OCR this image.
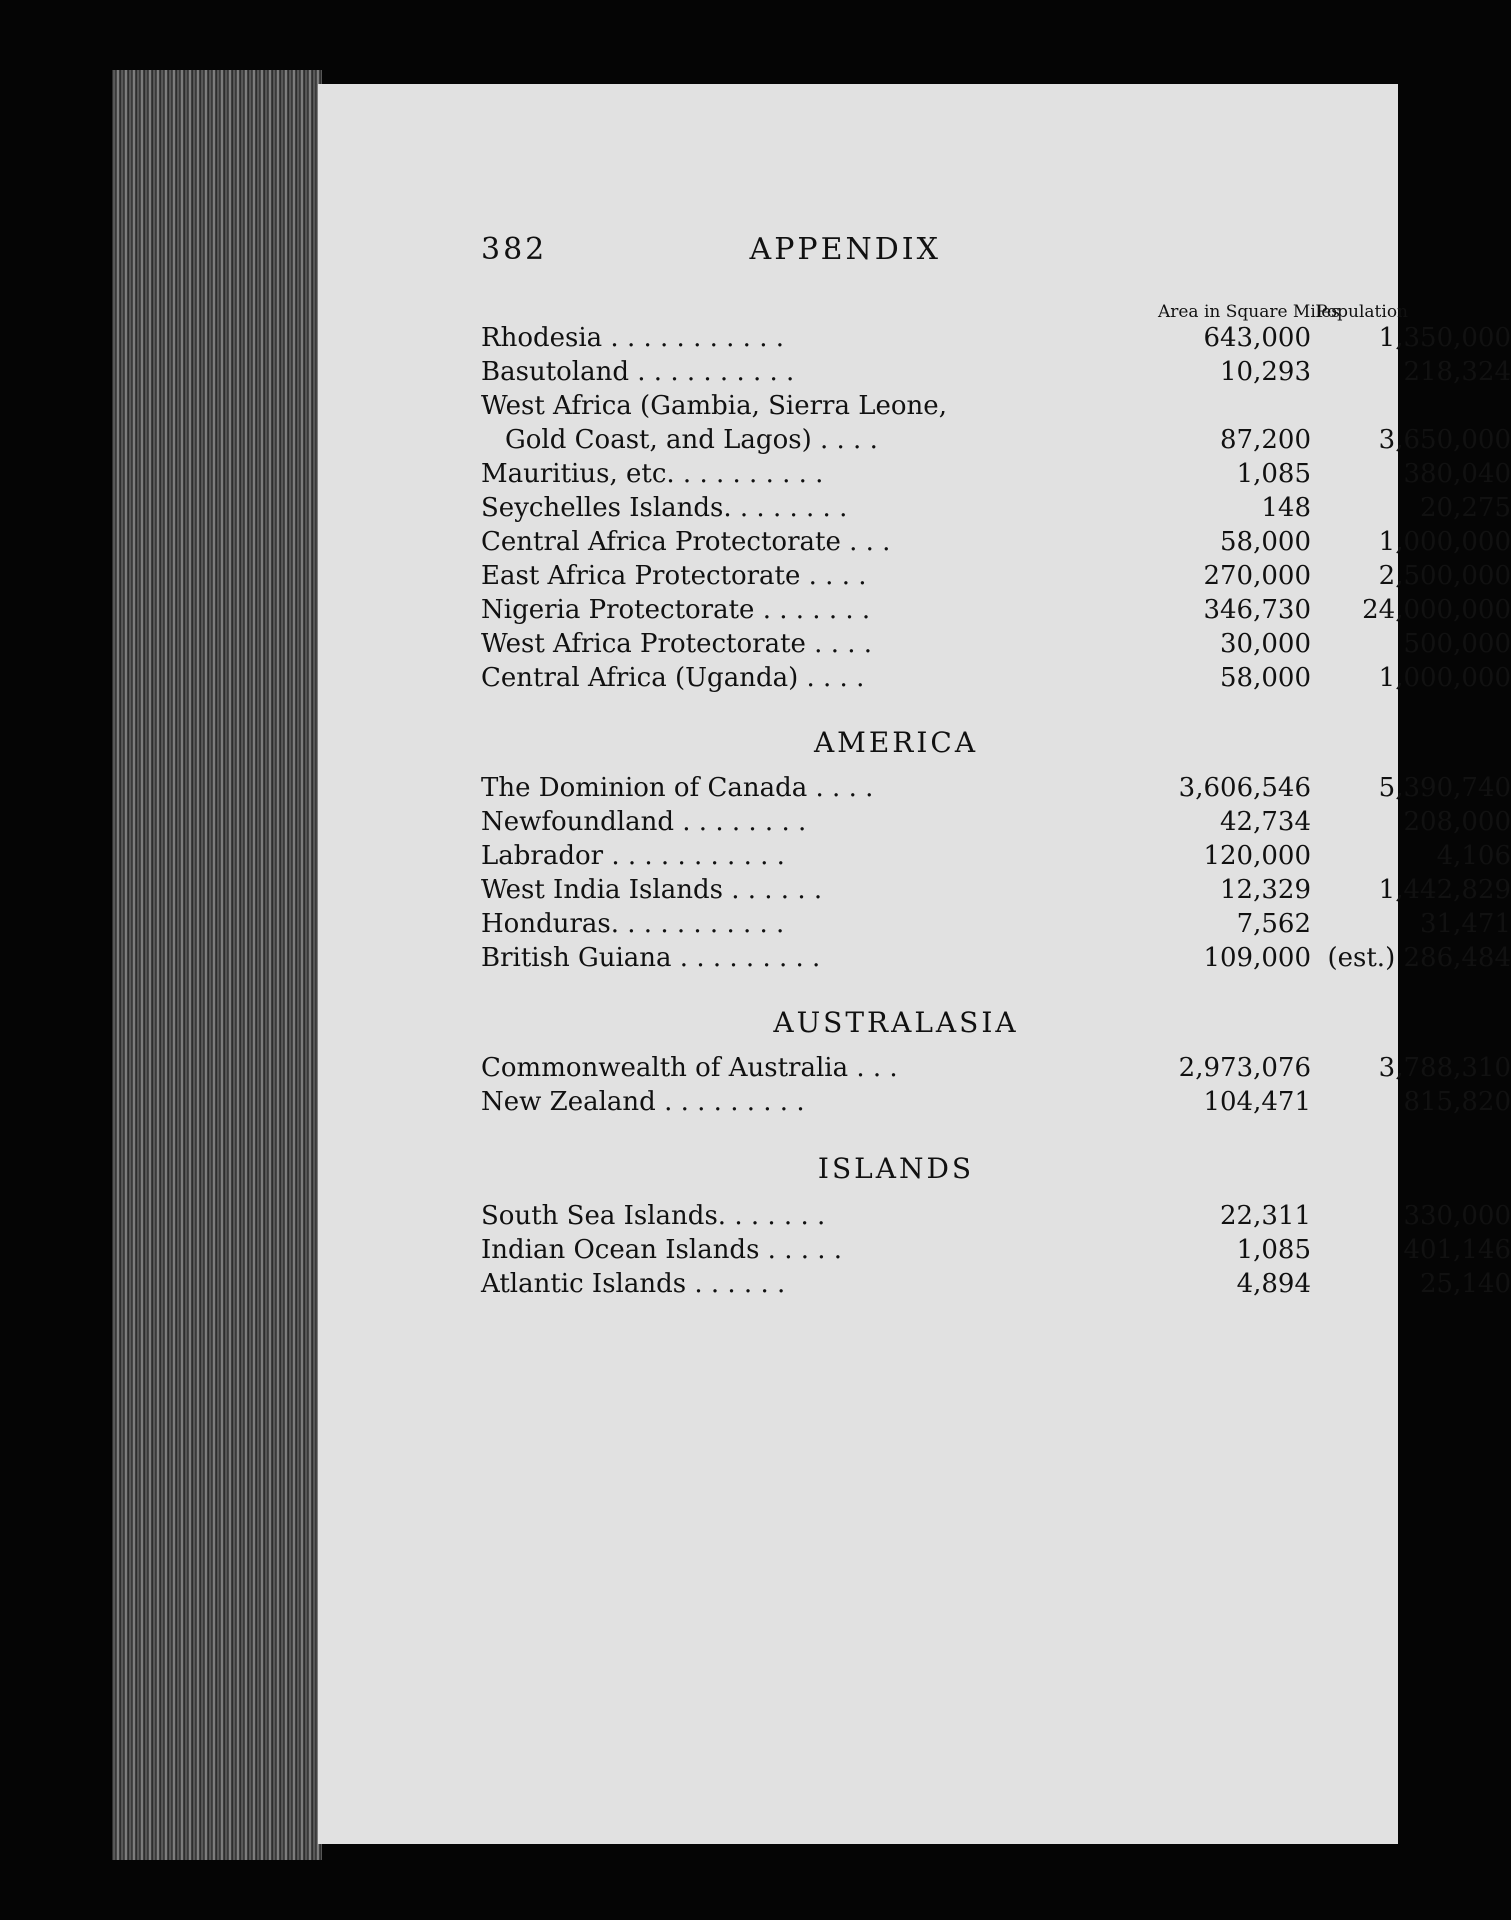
382	APPENDIX
Area in Square Miles
Population
Rhodesia . . . . . . . . . . .	643,000	1,350,000
Basutoland . . . . . . . . . .	10,293	218,324
West Africa (Gambia, Sierra Leone,
Gold Coast, and Lagos) . . . .	87,200	3,650,000
Mauritius, etc. . . . . . . . . .	1,085	380,040
Seychelles Islands. . . . . . . .	148	20,275
Central Africa Protectorate . . .	58,000	1,000,000
East Africa Protectorate . . . .	270,000	2,500,000
Nigeria Protectorate . . . . . . .	346,730 24,000,000
West Africa Protectorate . . . .	30,000	500,000
Central Africa (Uganda) . . . .	58,000	1,000,000
AMERICA
The Dominion of Canada . . . .	3,606,546	5,390,740
Newfoundland . . . . . . . .	42,734	208,000
Labrador . . . . . . . . . . .	120,000	4,106
West India Islands . . . . . .	12,329	1,442,829
Honduras. . . . . . . . . . .	7,562	31,471
British Guiana . . . . . . . . .	109,000 (est.) 286,484
AUSTRALASIA
Commonwealth of Australia . . .	2,973,076	3,788,310
New Zealand . . . . . . . . .	104,471	815,820
ISLANDS
South Sea Islands. . . . . . .	22,311	330,000
Indian Ocean Islands . . . . .	1,085	401,146
Atlantic Islands . . . . . .	4,894	25,140
